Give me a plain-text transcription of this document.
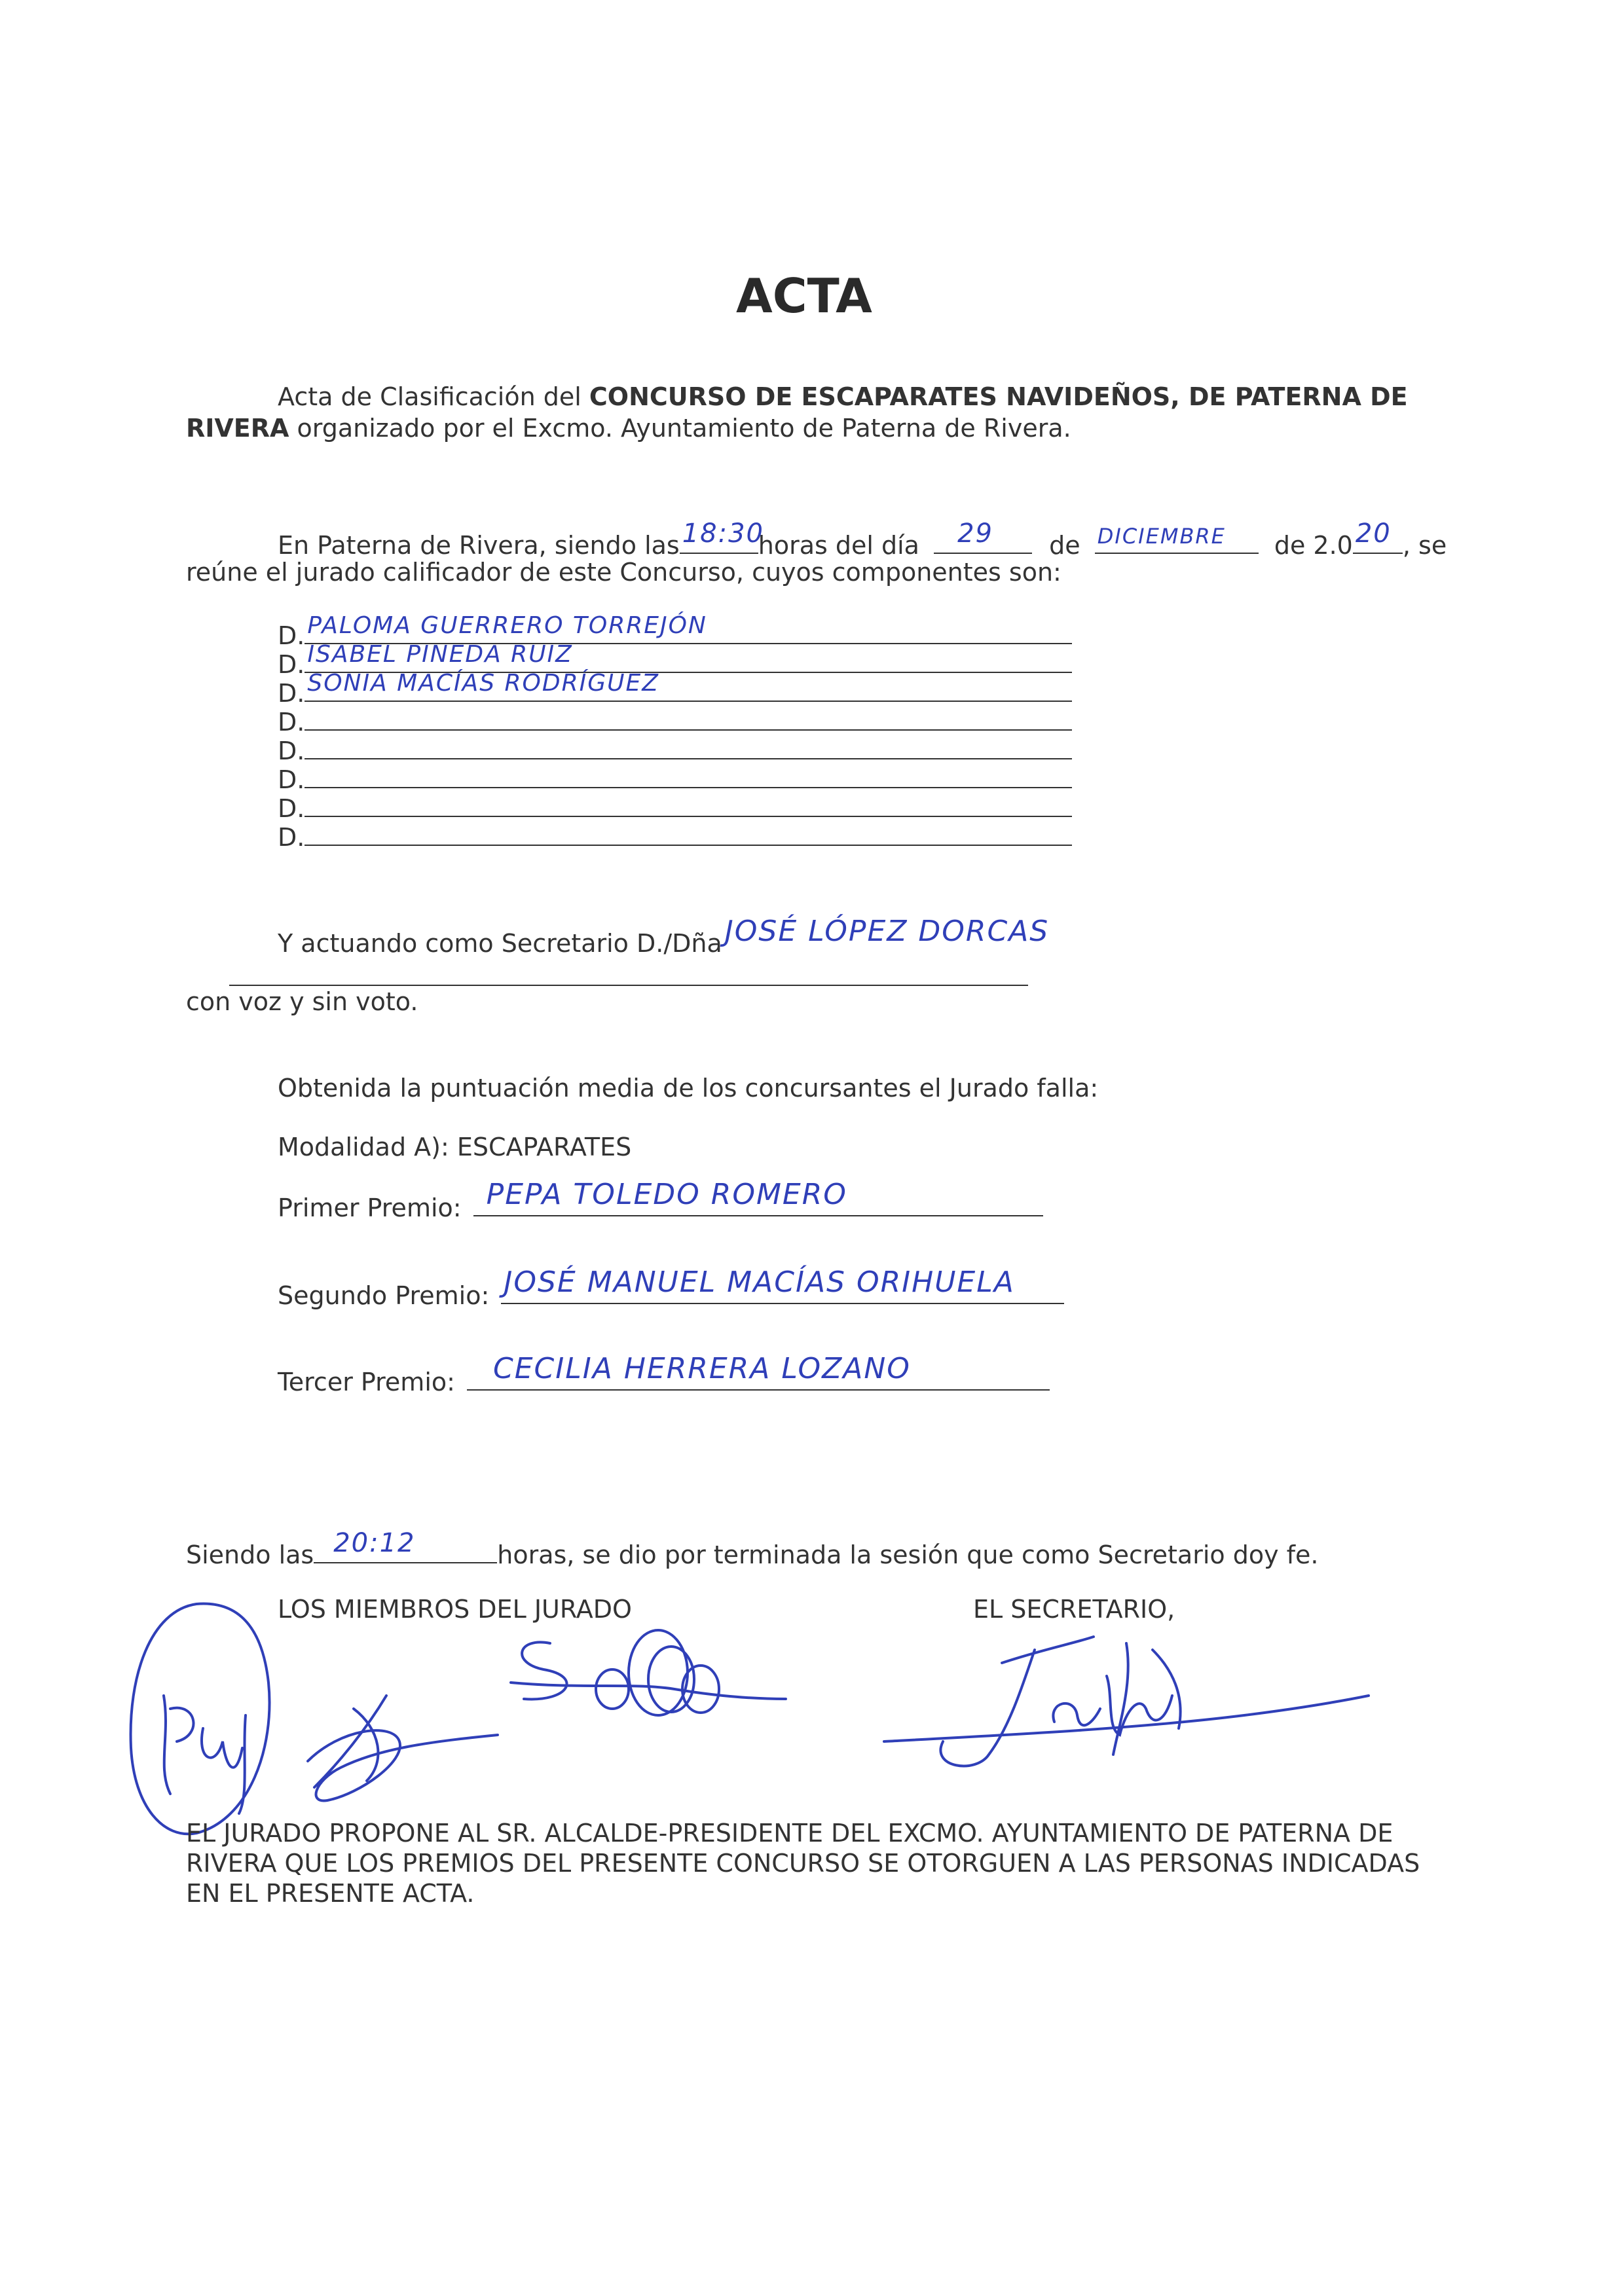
ACTA
Acta de Clasificación del CONCURSO DE ESCAPARATES NAVIDEÑOS, DE PATERNA DE
RIVERA organizado por el Excmo. Ayuntamiento de Paterna de Rivera.
En Paterna de Rivera, siendo las 18:30
horas del día 29 de DICIEMBRE de 2.0 20 , se
reúne el jurado calificador de este Concurso, cuyos componentes son:
D. PALOMA GUERRERO TORREJÓN
D. ISABEL PINEDA RUIZ
D. SONIA MACÍAS RODRÍGUEZ
D.
D.
D.
D.
D.
Y actuando como Secretario D./Dña JOSÉ LÓPEZ DORCAS
con voz y sin voto.
Obtenida la puntuación media de los concursantes el Jurado falla:
Modalidad A): ESCAPARATES
Primer Premio: PEPA TOLEDO ROMERO
Segundo Premio: JOSÉ MANUEL MACÍAS ORIHUELA
Tercer Premio: CECILIA HERRERA LOZANO
Siendo las 20:12	horas, se dio por terminada la sesión que como Secretario doy fe.
LOS MIEMBROS DEL JURADO	EL SECRETARIO,
EL JURADO PROPONE AL SR. ALCALDE-PRESIDENTE DEL EXCMO. AYUNTAMIENTO DE PATERNA DE
RIVERA QUE LOS PREMIOS DEL PRESENTE CONCURSO SE OTORGUEN A LAS PERSONAS INDICADAS
EN EL PRESENTE ACTA.
